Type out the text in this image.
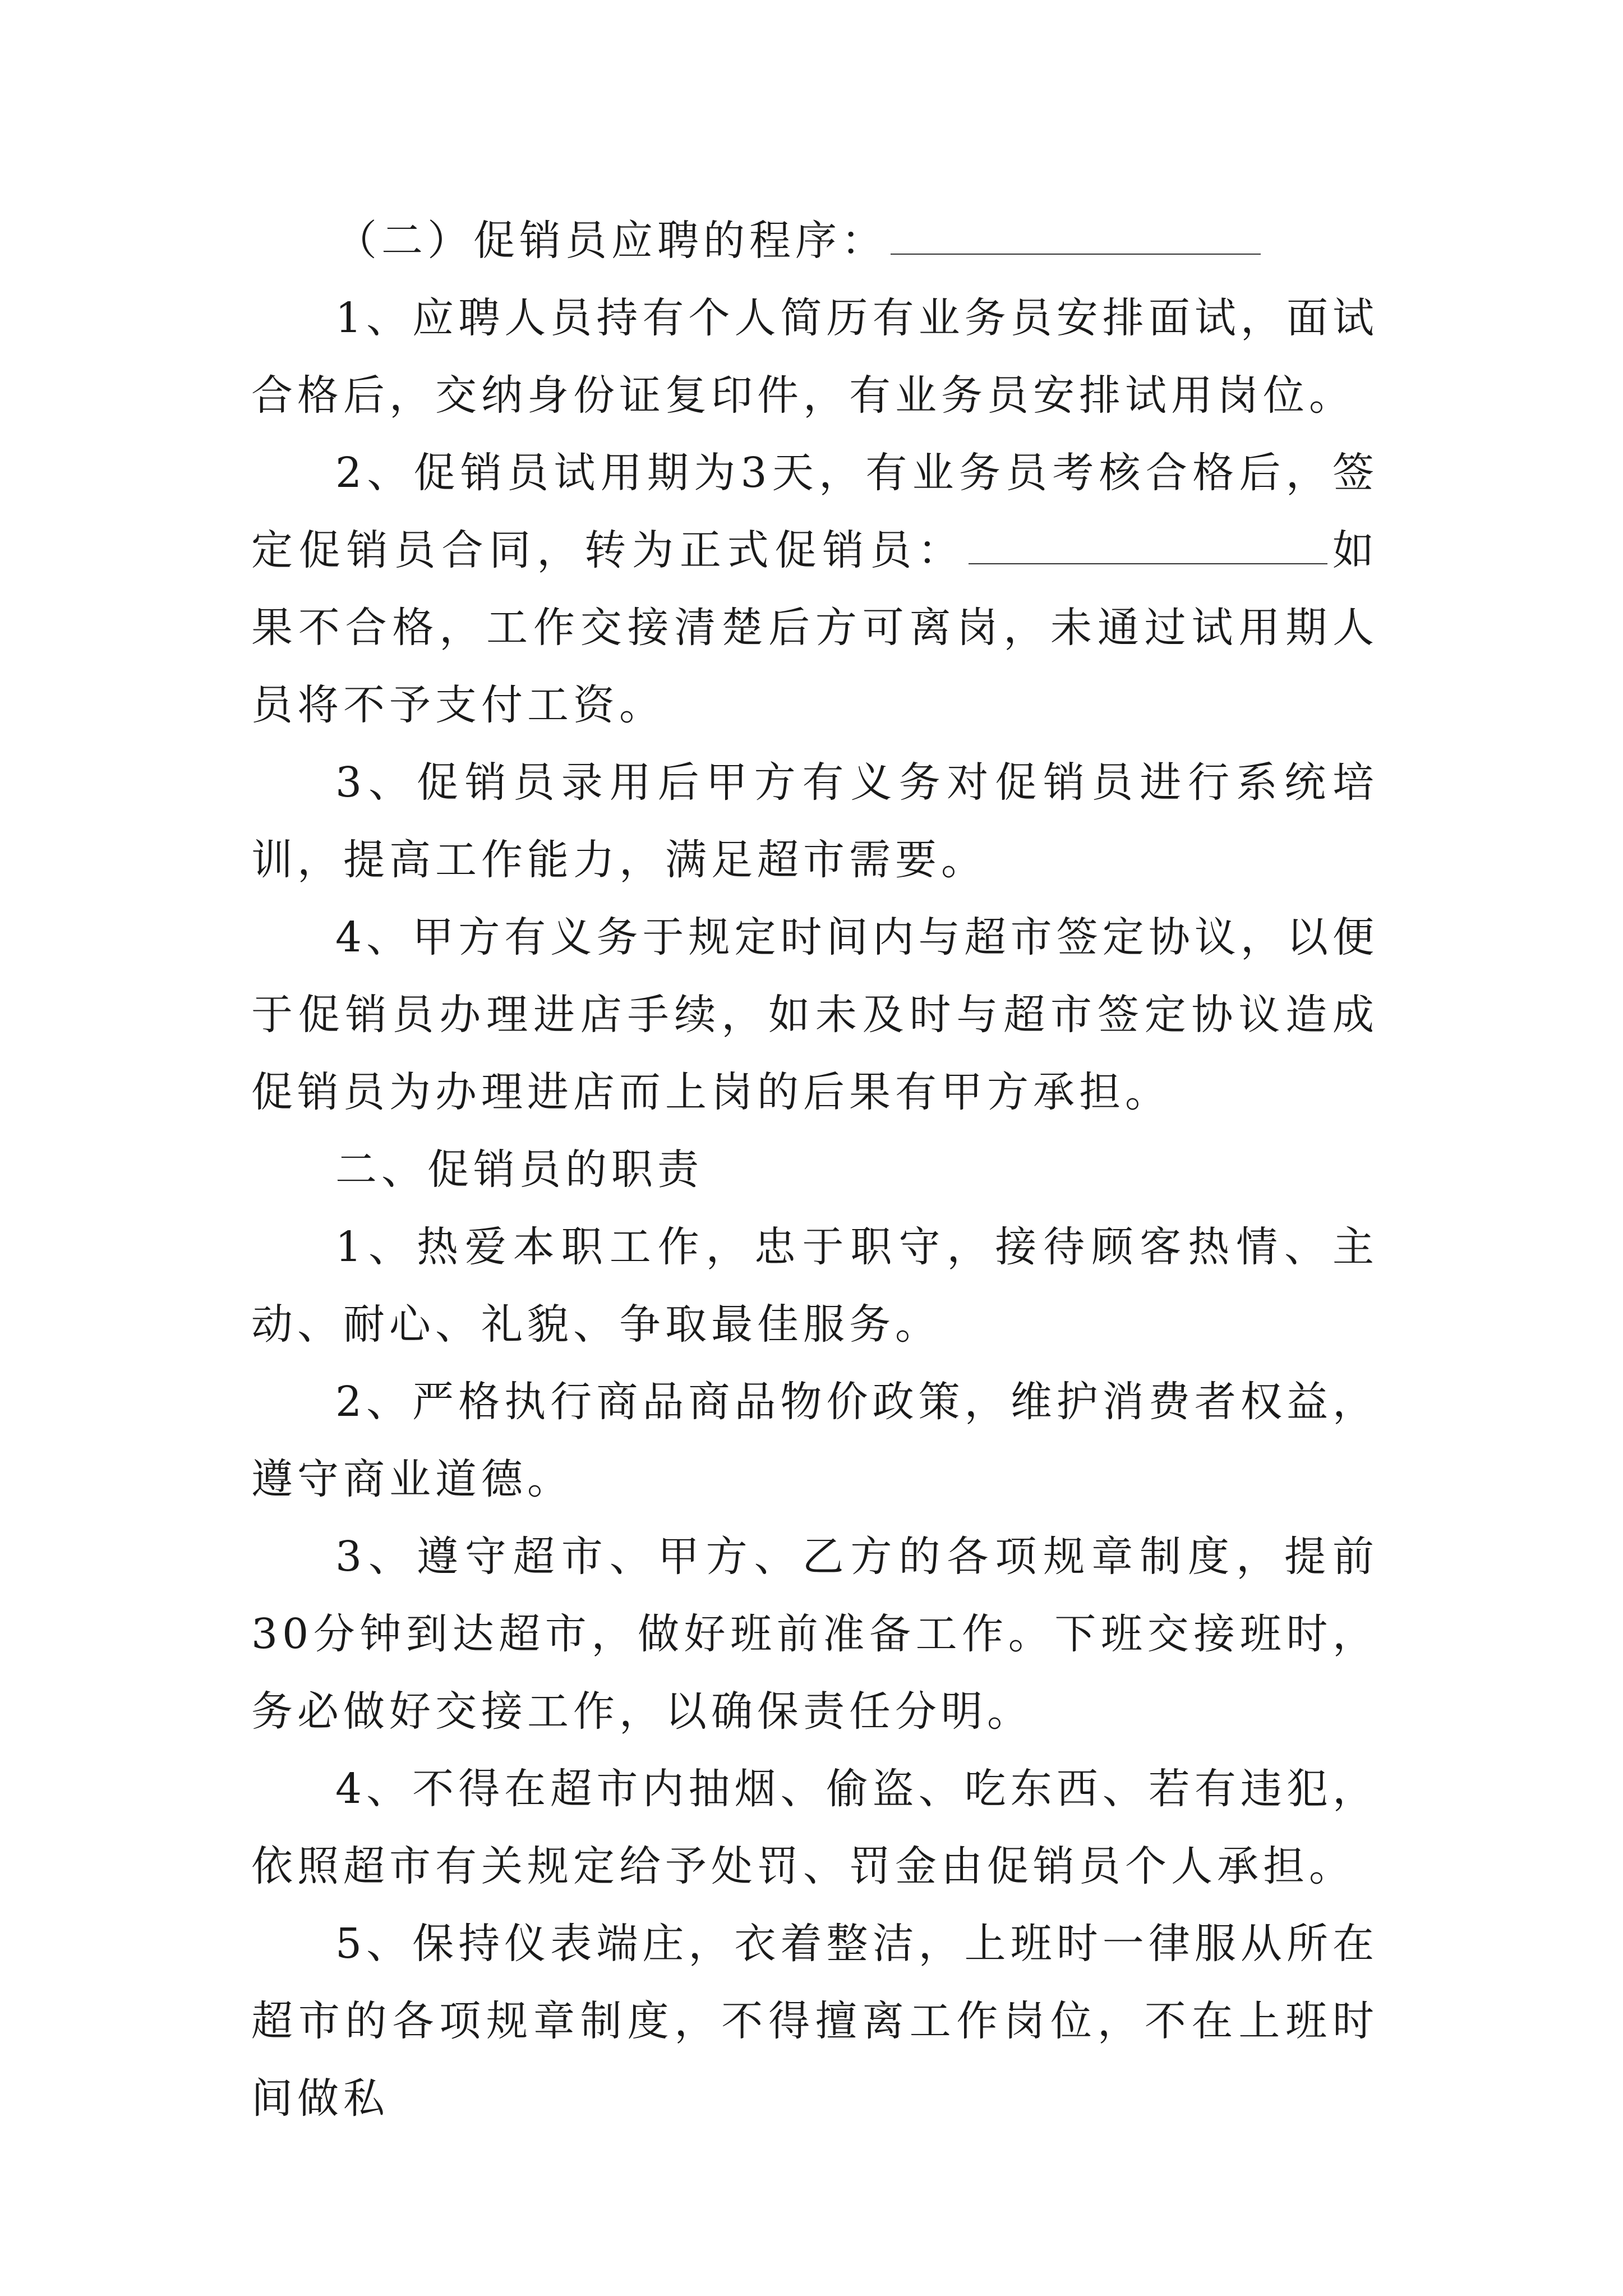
（二）促销员应聘的程序：

1、应聘人员持有个人简历有业务员安排面试，面试合格后，交纳身份证复印件，有业务员安排试用岗位。

2、促销员试用期为3天，有业务员考核合格后，签定促销员合同，转为正式促销员：	如果不合格，工作交接清楚后方可离岗，未通过试用期人员将不予支付工资。

3、促销员录用后甲方有义务对促销员进行系统培训，提高工作能力，满足超市需要。

4、甲方有义务于规定时间内与超市签定协议，以便于促销员办理进店手续，如未及时与超市签定协议造成促销员为办理进店而上岗的后果有甲方承担。

二、促销员的职责

1、热爱本职工作，忠于职守，接待顾客热情、主动、耐心、礼貌、争取最佳服务。

2、严格执行商品商品物价政策，维护消费者权益，遵守商业道德。

3、遵守超市、甲方、乙方的各项规章制度，提前30分钟到达超市，做好班前准备工作。下班交接班时，务必做好交接工作，以确保责任分明。

4、不得在超市内抽烟、偷盗、吃东西、若有违犯，依照超市有关规定给予处罚、罚金由促销员个人承担。

5、保持仪表端庄，衣着整洁，上班时一律服从所在超市的各项规章制度，不得擅离工作岗位，不在上班时间做私
